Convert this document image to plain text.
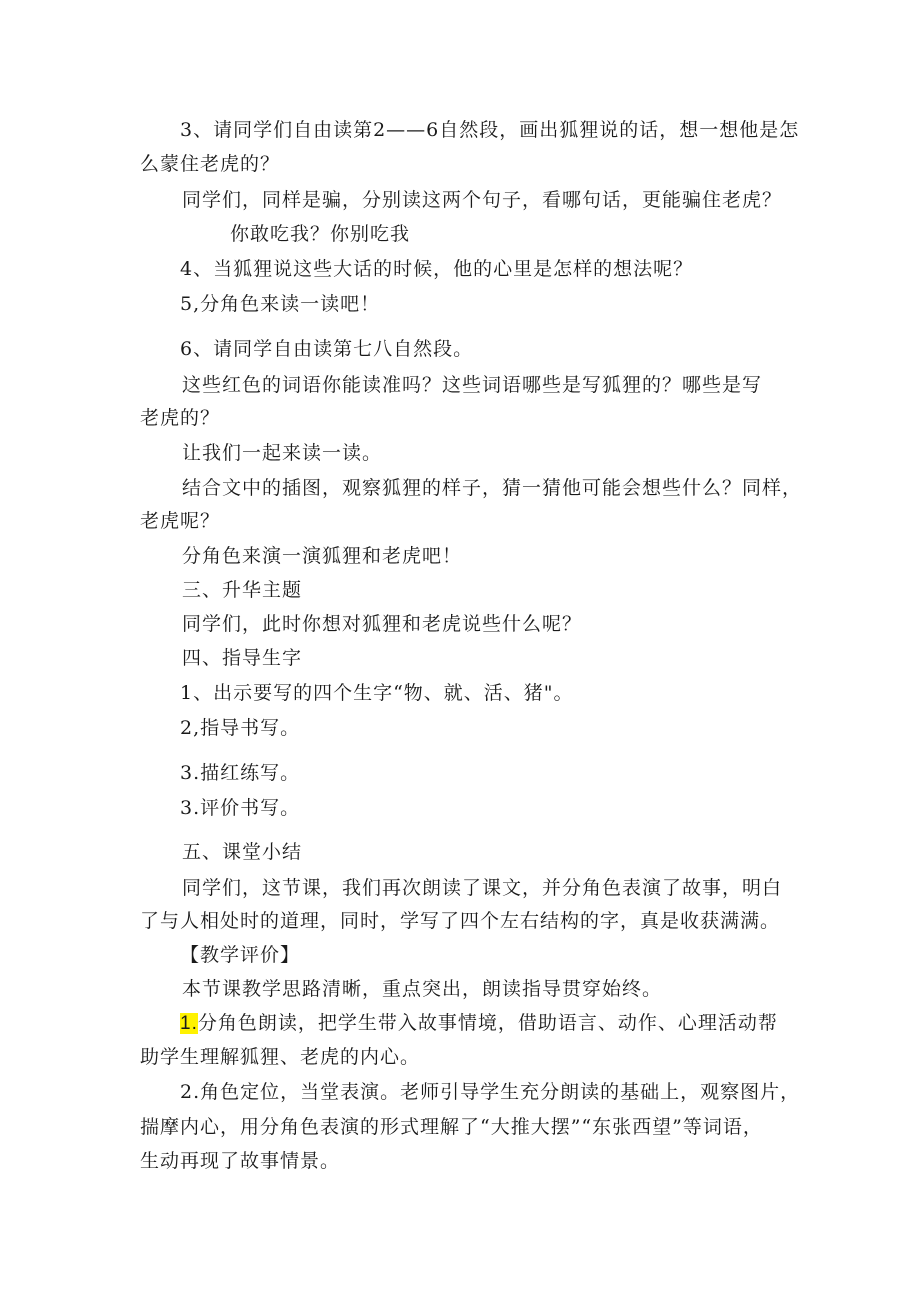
3、请同学们自由读第2——6自然段，画出狐狸说的话，想一想他是怎
么蒙住老虎的？
同学们，同样是骗，分别读这两个句子，看哪句话，更能骗住老虎？
你敢吃我？你别吃我
4、当狐狸说这些大话的时候，他的心里是怎样的想法呢？
5,分角色来读一读吧！
6、请同学自由读第七八自然段。
这些红色的词语你能读准吗？这些词语哪些是写狐狸的？哪些是写
老虎的？
让我们一起来读一读。
结合文中的插图，观察狐狸的样子，猜一猜他可能会想些什么？同样，
老虎呢？
分角色来演一演狐狸和老虎吧！
三、升华主题
同学们，此时你想对狐狸和老虎说些什么呢？
四、指导生字
1、出示要写的四个生字“物、就、活、猪"。
2,指导书写。
3.描红练写。
3.评价书写。
五、课堂小结
同学们，这节课，我们再次朗读了课文，并分角色表演了故事，明白
了与人相处时的道理，同时，学写了四个左右结构的字，真是收获满满。
【教学评价】
本节课教学思路清晰，重点突出，朗读指导贯穿始终。
1.分角色朗读，把学生带入故事情境，借助语言、动作、心理活动帮
助学生理解狐狸、老虎的内心。
2.角色定位，当堂表演。老师引导学生充分朗读的基础上，观察图片，
揣摩内心，用分角色表演的形式理解了“大推大摆”“东张西望”等词语，
生动再现了故事情景。
